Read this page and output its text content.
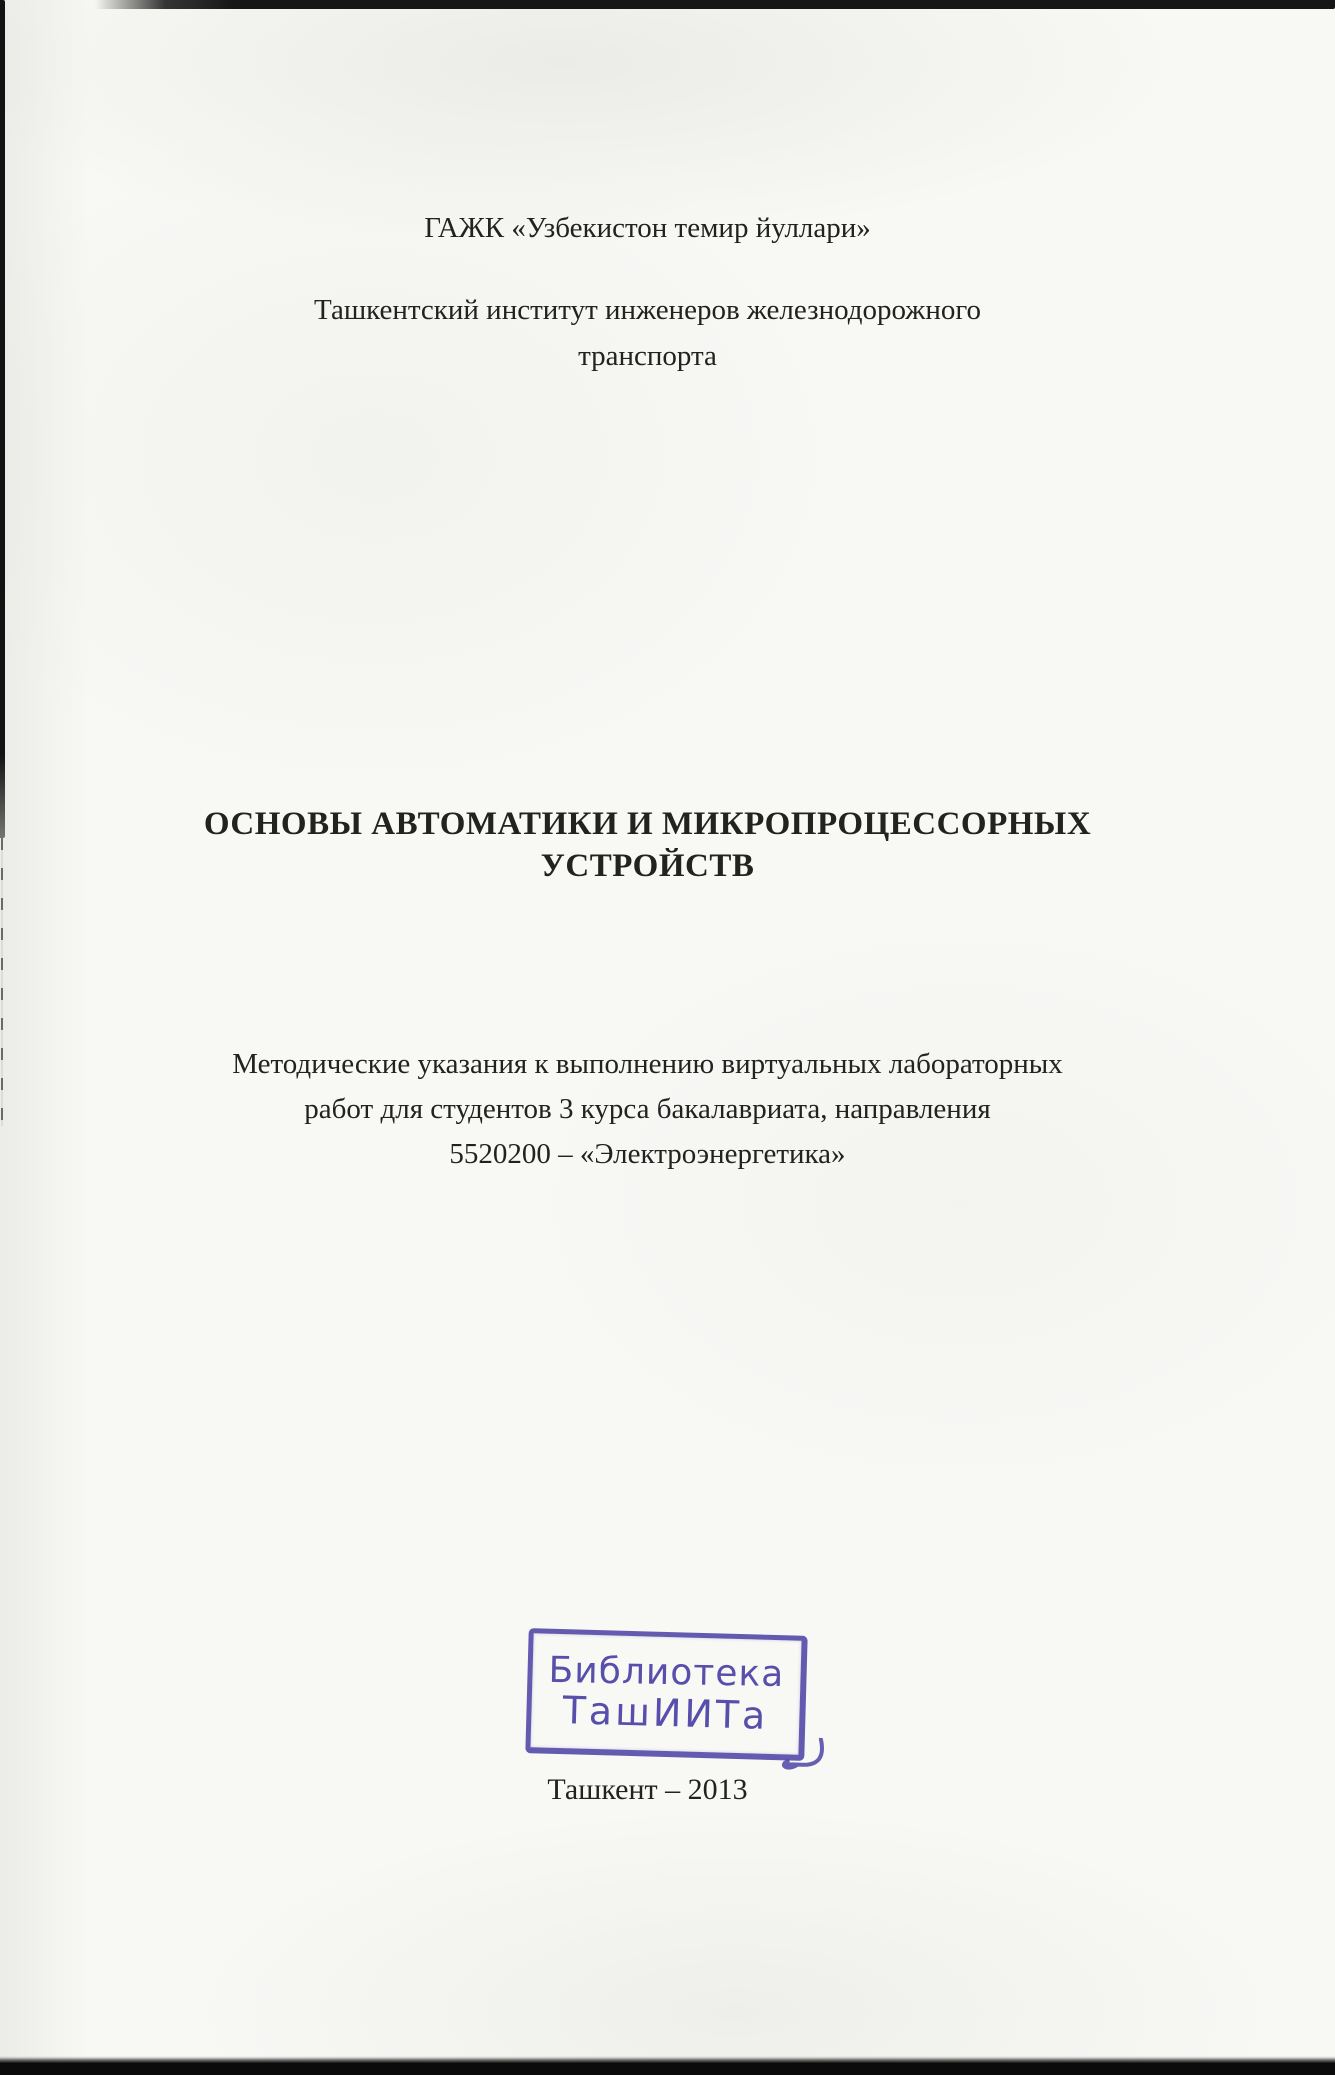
ГАЖК «Узбекистон темир йуллари»
Ташкентский институт инженеров железнодорожного
транспорта
ОСНОВЫ АВТОМАТИКИ И МИКРОПРОЦЕССОРНЫХ
УСТРОЙСТВ
Методические указания к выполнению виртуальных лабораторных
работ для студентов 3 курса бакалавриата, направления
5520200 – «Электроэнергетика»
Библиотека
ТашИИТа
Ташкент – 2013
